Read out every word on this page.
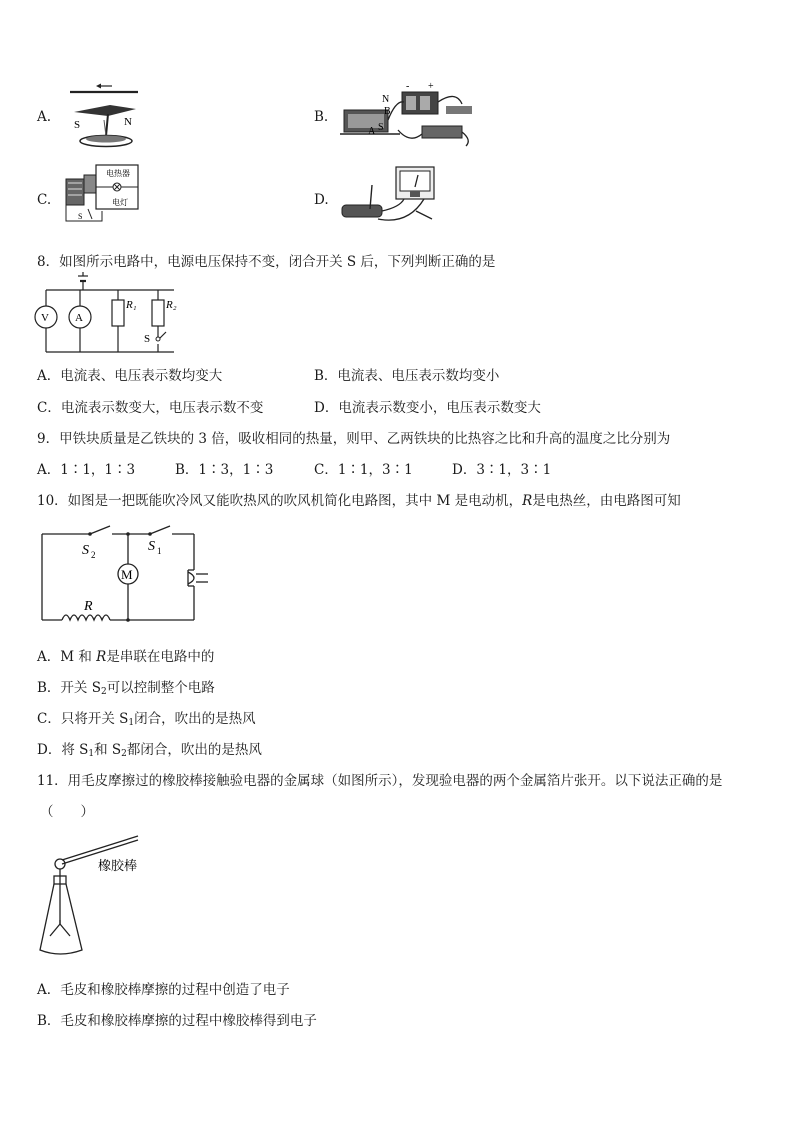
A. S	N	B.
N
B
A S
- +
C.
电热器
电灯
S
D.
8．如图所示电路中，电源电压保持不变，闭合开关 S 后，下列判断正确的是
V A
R₁	R₂
S
A．电流表、电压表示数均变大	B．电流表、电压表示数均变小
C．电流表示数变大，电压表示数不变	D．电流表示数变小，电压表示数变大
9．甲铁块质量是乙铁块的 3 倍，吸收相同的热量，则甲、乙两铁块的比热容之比和升高的温度之比分别为
A．1∶1，1∶3	B．1∶3，1∶3	C．1∶1，3∶1	D．3∶1，3∶1
10．如图是一把既能吹冷风又能吹热风的吹风机简化电路图，其中 M 是电动机，R是电热丝，由电路图可知
S 2
S 1
M
R
A．M 和 R是串联在电路中的
B．开关 $S_2$可以控制整个电路
C．只将开关 $S_1$闭合，吹出的是热风
D．将 $S_1$和 $S_2$都闭合，吹出的是热风
11．用毛皮摩擦过的橡胶棒接触验电器的金属球（如图所示），发现验电器的两个金属箔片张开。以下说法正确的是
（　　）
橡胶棒
A．毛皮和橡胶棒摩擦的过程中创造了电子
B．毛皮和橡胶棒摩擦的过程中橡胶棒得到电子
